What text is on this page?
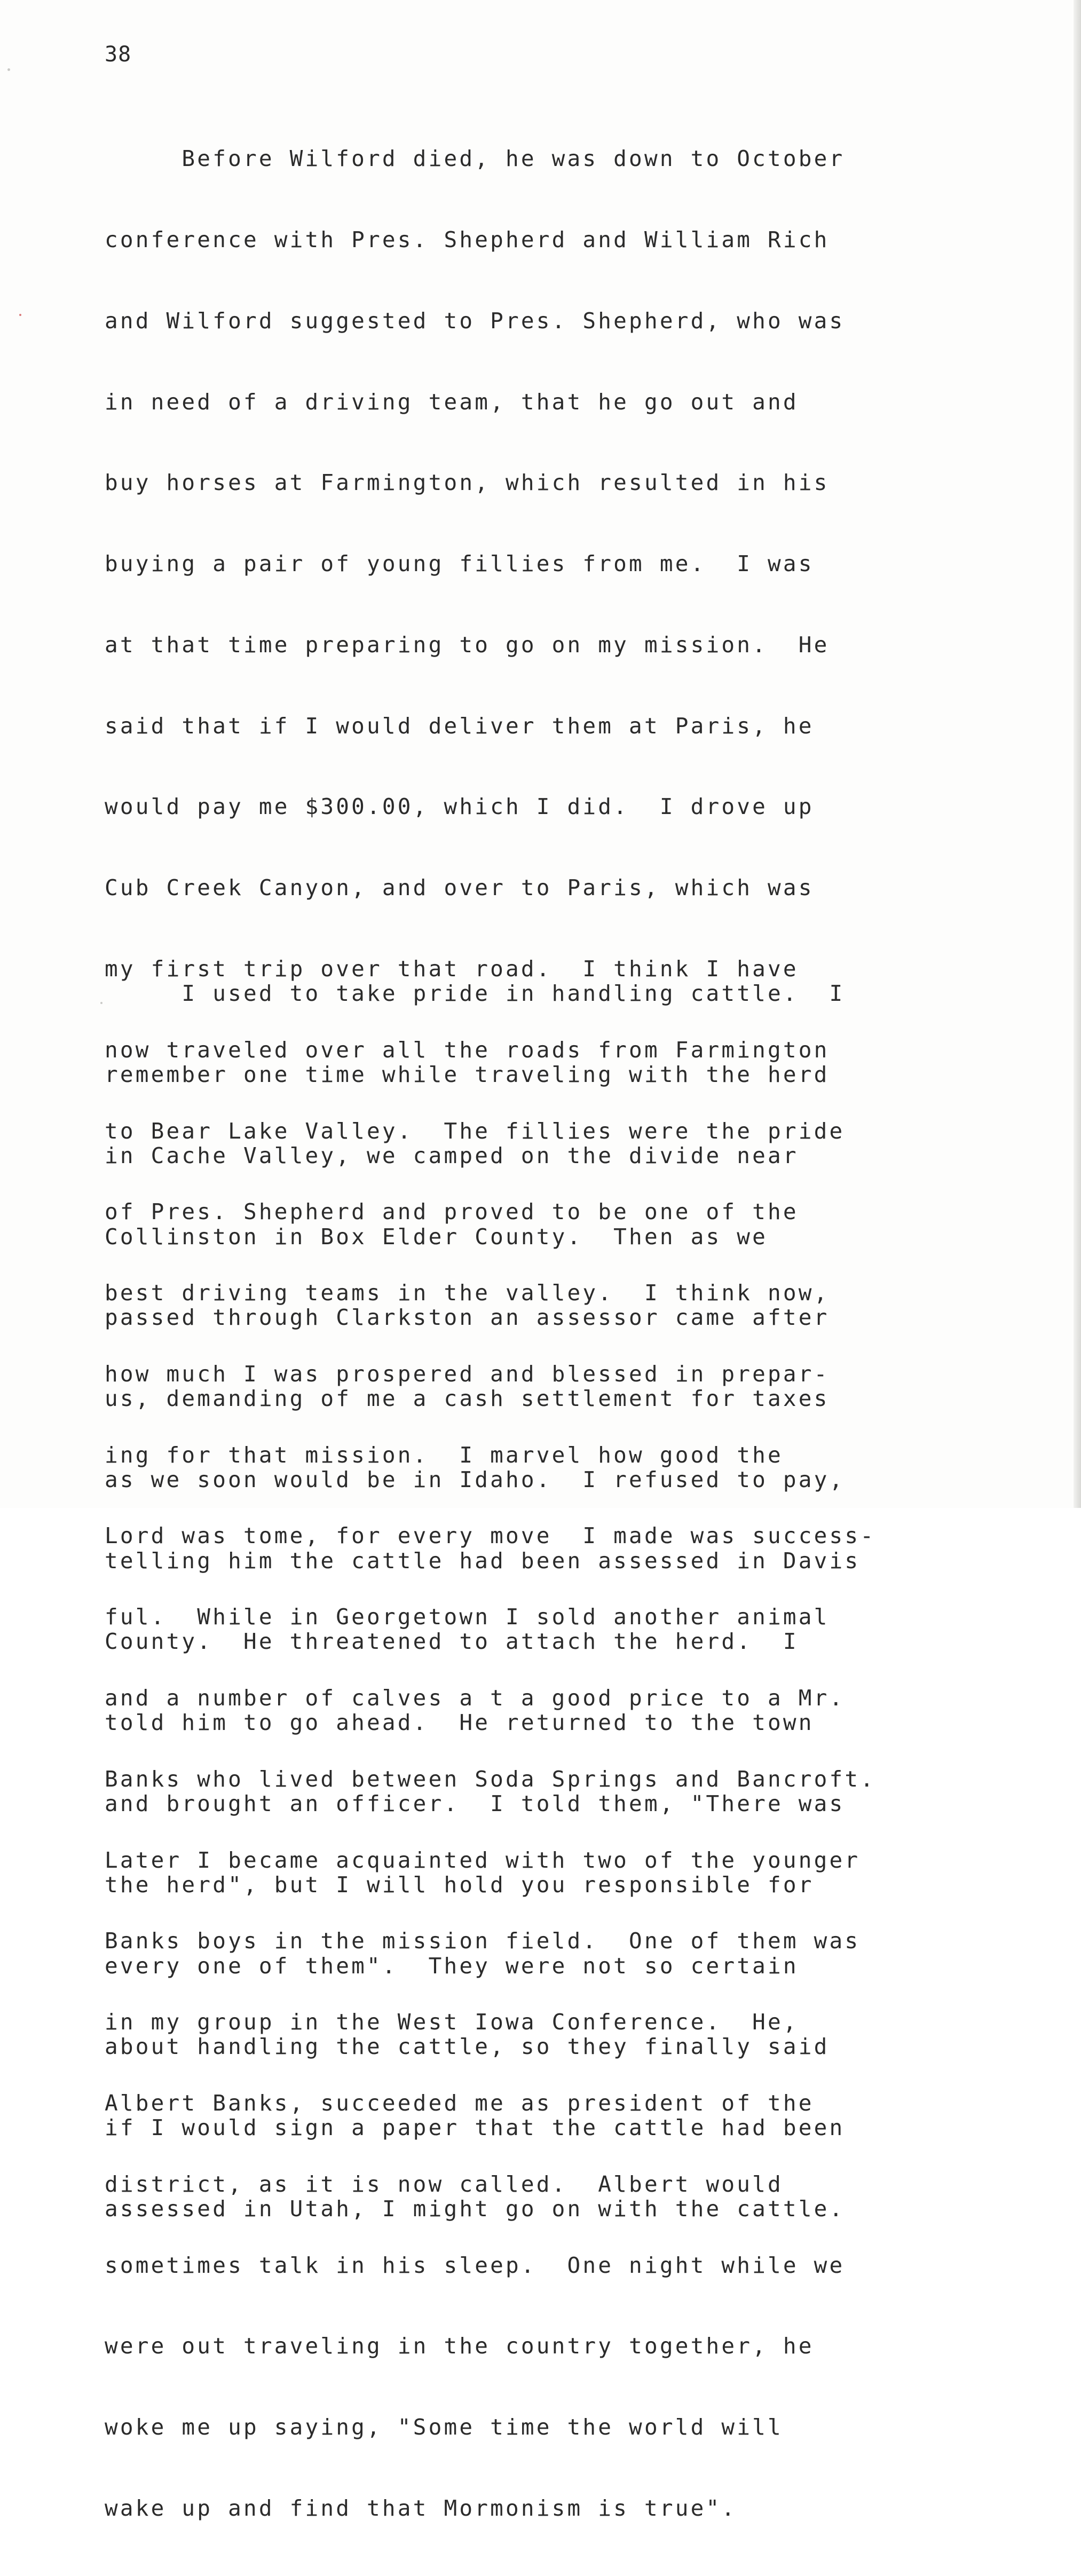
38

Before Wilford died, he was down to October

conference with Pres. Shepherd and William Rich

and Wilford suggested to Pres. Shepherd, who was

in need of a driving team, that he go out and

buy horses at Farmington, which resulted in his

buying a pair of young fillies from me.  I was

at that time preparing to go on my mission.  He

said that if I would deliver them at Paris, he

would pay me $300.00, which I did.  I drove up

Cub Creek Canyon, and over to Paris, which was

my first trip over that road.  I think I have

now traveled over all the roads from Farmington

to Bear Lake Valley.  The fillies were the pride

of Pres. Shepherd and proved to be one of the

best driving teams in the valley.  I think now,

how much I was prospered and blessed in prepar-

ing for that mission.  I marvel how good the

Lord was tome, for every move  I made was success-

ful.  While in Georgetown I sold another animal

and a number of calves a t a good price to a Mr.

Banks who lived between Soda Springs and Bancroft.

Later I became acquainted with two of the younger

Banks boys in the mission field.  One of them was

in my group in the West Iowa Conference.  He,

Albert Banks, succeeded me as president of the

district, as it is now called.  Albert would

sometimes talk in his sleep.  One night while we

were out traveling in the country together, he

woke me up saying, "Some time the world will

wake up and find that Mormonism is true".

I used to take pride in handling cattle.  I

remember one time while traveling with the herd

in Cache Valley, we camped on the divide near

Collinston in Box Elder County.  Then as we

passed through Clarkston an assessor came after

us, demanding of me a cash settlement for taxes

as we soon would be in Idaho.  I refused to pay,

telling him the cattle had been assessed in Davis

County.  He threatened to attach the herd.  I

told him to go ahead.  He returned to the town

and brought an officer.  I told them, "There was

the herd", but I will hold you responsible for

every one of them".  They were not so certain

about handling the cattle, so they finally said

if I would sign a paper that the cattle had been

assessed in Utah, I might go on with the cattle.
